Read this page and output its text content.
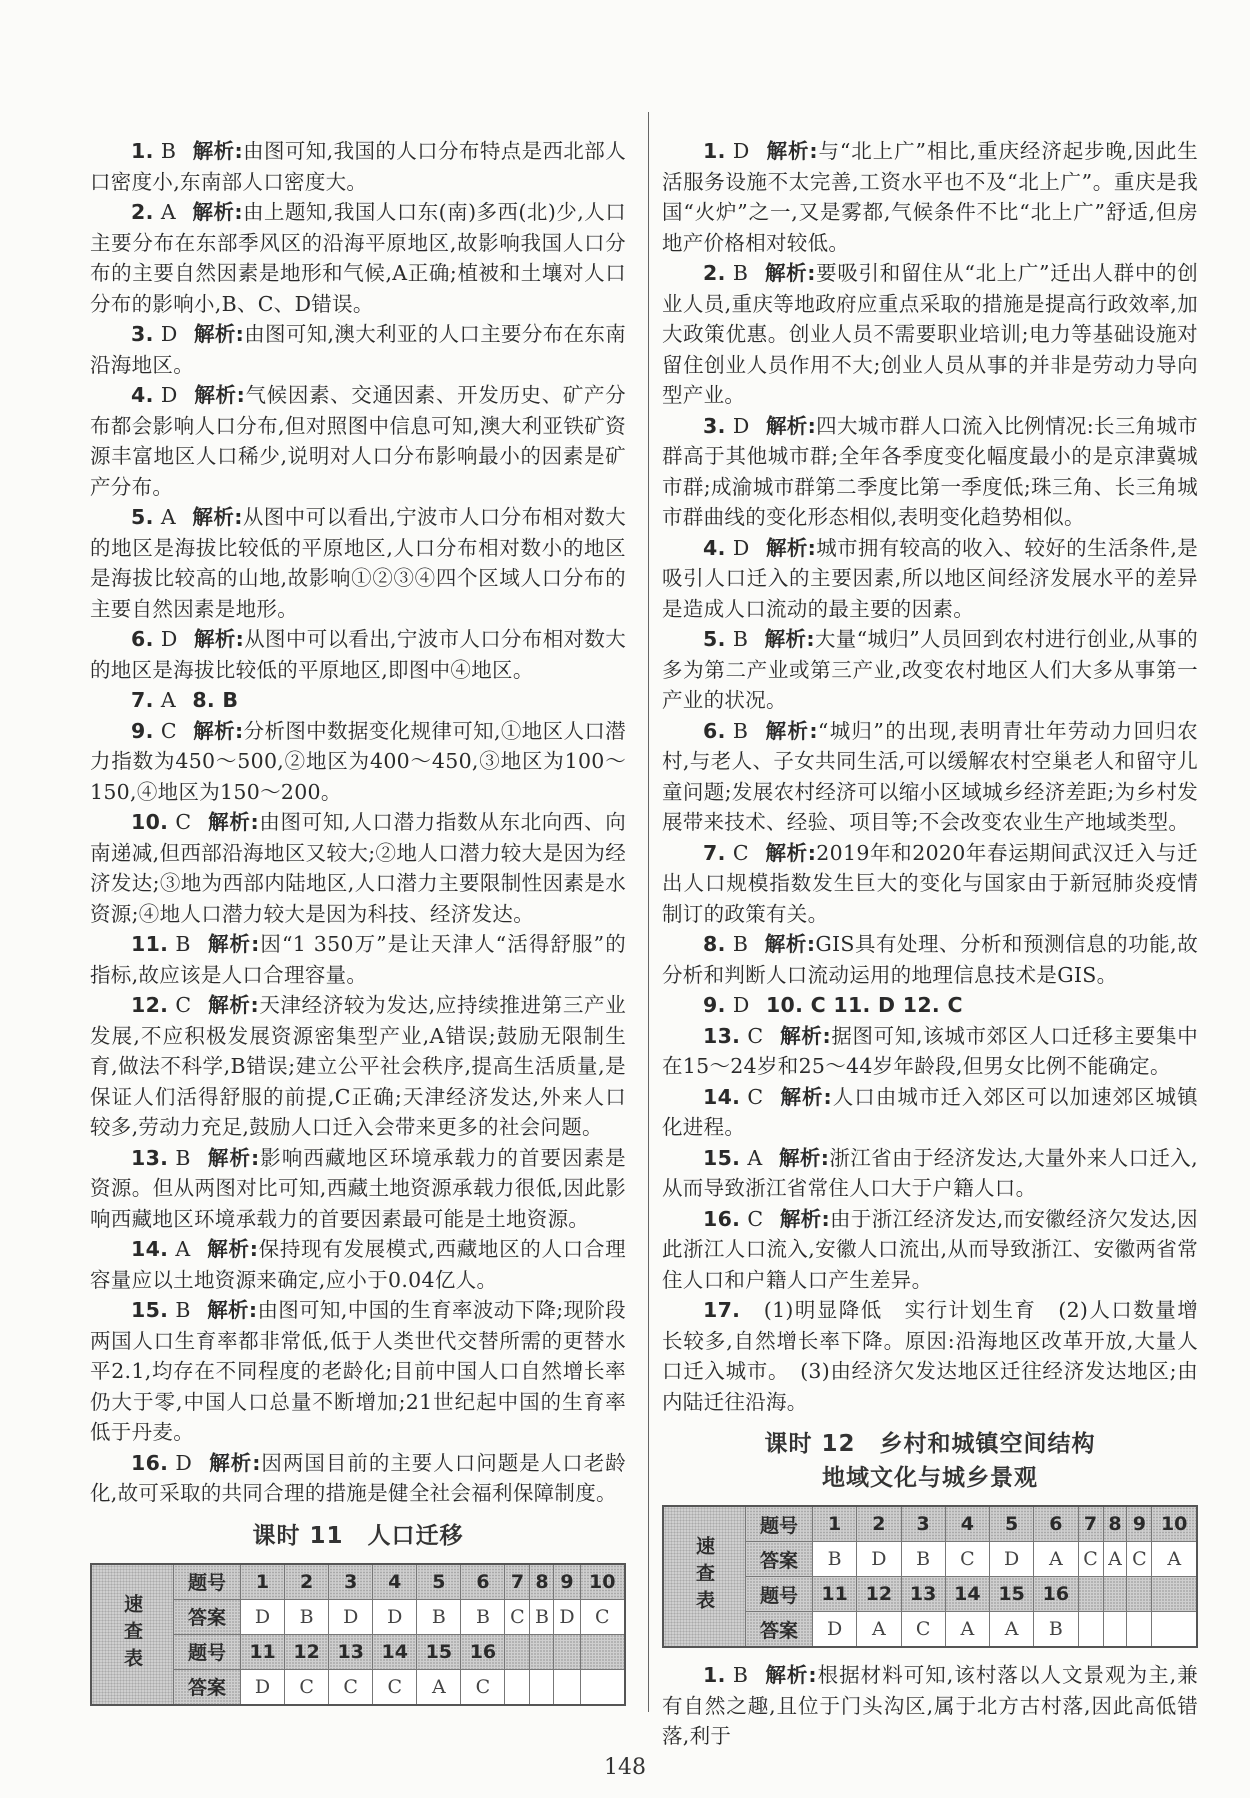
1. B 解析:由图可知,我国的人口分布特点是西北部人口密度小,东南部人口密度大。

2. A 解析:由上题知,我国人口东(南)多西(北)少,人口主要分布在东部季风区的沿海平原地区,故影响我国人口分布的主要自然因素是地形和气候,A正确;植被和土壤对人口分布的影响小,B、C、D错误。

3. D 解析:由图可知,澳大利亚的人口主要分布在东南沿海地区。

4. D 解析:气候因素、交通因素、开发历史、矿产分布都会影响人口分布,但对照图中信息可知,澳大利亚铁矿资源丰富地区人口稀少,说明对人口分布影响最小的因素是矿产分布。

5. A 解析:从图中可以看出,宁波市人口分布相对数大的地区是海拔比较低的平原地区,人口分布相对数小的地区是海拔比较高的山地,故影响①②③④四个区域人口分布的主要自然因素是地形。

6. D 解析:从图中可以看出,宁波市人口分布相对数大的地区是海拔比较低的平原地区,即图中④地区。

7. A 8. B

9. C 解析:分析图中数据变化规律可知,①地区人口潜力指数为450～500,②地区为400～450,③地区为100～150,④地区为150～200。

10. C 解析:由图可知,人口潜力指数从东北向西、向南递减,但西部沿海地区又较大;②地人口潜力较大是因为经济发达;③地为西部内陆地区,人口潜力主要限制性因素是水资源;④地人口潜力较大是因为科技、经济发达。

11. B 解析:因“1 350万”是让天津人“活得舒服”的指标,故应该是人口合理容量。

12. C 解析:天津经济较为发达,应持续推进第三产业发展,不应积极发展资源密集型产业,A错误;鼓励无限制生育,做法不科学,B错误;建立公平社会秩序,提高生活质量,是保证人们活得舒服的前提,C正确;天津经济发达,外来人口较多,劳动力充足,鼓励人口迁入会带来更多的社会问题。

13. B 解析:影响西藏地区环境承载力的首要因素是资源。但从两图对比可知,西藏土地资源承载力很低,因此影响西藏地区环境承载力的首要因素最可能是土地资源。

14. A 解析:保持现有发展模式,西藏地区的人口合理容量应以土地资源来确定,应小于0.04亿人。

15. B 解析:由图可知,中国的生育率波动下降;现阶段两国人口生育率都非常低,低于人类世代交替所需的更替水平2.1,均存在不同程度的老龄化;目前中国人口自然增长率仍大于零,中国人口总量不断增加;21世纪起中国的生育率低于丹麦。

16. D 解析:因两国目前的主要人口问题是人口老龄化,故可采取的共同合理的措施是健全社会福利保障制度。

课时 11　人口迁移
速查表	题号	1	2	3	4	5	6	7	8	9	10
	答案	D	B	D	D	B	B	C	B	D	C
	题号	11	12	13	14	15	16				
	答案	D	C	C	C	A	C				

1. D 解析:与“北上广”相比,重庆经济起步晚,因此生活服务设施不太完善,工资水平也不及“北上广”。重庆是我国“火炉”之一,又是雾都,气候条件不比“北上广”舒适,但房地产价格相对较低。

2. B 解析:要吸引和留住从“北上广”迁出人群中的创业人员,重庆等地政府应重点采取的措施是提高行政效率,加大政策优惠。创业人员不需要职业培训;电力等基础设施对留住创业人员作用不大;创业人员从事的并非是劳动力导向型产业。

3. D 解析:四大城市群人口流入比例情况:长三角城市群高于其他城市群;全年各季度变化幅度最小的是京津冀城市群;成渝城市群第二季度比第一季度低;珠三角、长三角城市群曲线的变化形态相似,表明变化趋势相似。

4. D 解析:城市拥有较高的收入、较好的生活条件,是吸引人口迁入的主要因素,所以地区间经济发展水平的差异是造成人口流动的最主要的因素。

5. B 解析:大量“城归”人员回到农村进行创业,从事的多为第二产业或第三产业,改变农村地区人们大多从事第一产业的状况。

6. B 解析:“城归”的出现,表明青壮年劳动力回归农村,与老人、子女共同生活,可以缓解农村空巢老人和留守儿童问题;发展农村经济可以缩小区域城乡经济差距;为乡村发展带来技术、经验、项目等;不会改变农业生产地域类型。

7. C 解析:2019年和2020年春运期间武汉迁入与迁出人口规模指数发生巨大的变化与国家由于新冠肺炎疫情制订的政策有关。

8. B 解析:GIS具有处理、分析和预测信息的功能,故分析和判断人口流动运用的地理信息技术是GIS。

9. D 10. C 11. D 12. C

13. C 解析:据图可知,该城市郊区人口迁移主要集中在15～24岁和25～44岁年龄段,但男女比例不能确定。

14. C 解析:人口由城市迁入郊区可以加速郊区城镇化进程。

15. A 解析:浙江省由于经济发达,大量外来人口迁入,从而导致浙江省常住人口大于户籍人口。

16. C 解析:由于浙江经济发达,而安徽经济欠发达,因此浙江人口流入,安徽人口流出,从而导致浙江、安徽两省常住人口和户籍人口产生差异。

17. (1)明显降低　实行计划生育　(2)人口数量增长较多,自然增长率下降。原因:沿海地区改革开放,大量人口迁入城市。　(3)由经济欠发达地区迁往经济发达地区;由内陆迁往沿海。

课时 12　乡村和城镇空间结构
地域文化与城乡景观
速查表	题号	1	2	3	4	5	6	7	8	9	10
	答案	B	D	B	C	D	A	C	A	C	A
	题号	11	12	13	14	15	16				
	答案	D	A	C	A	A	B				

1. B 解析:根据材料可知,该村落以人文景观为主,兼有自然之趣,且位于门头沟区,属于北方古村落,因此高低错落,利于

148
